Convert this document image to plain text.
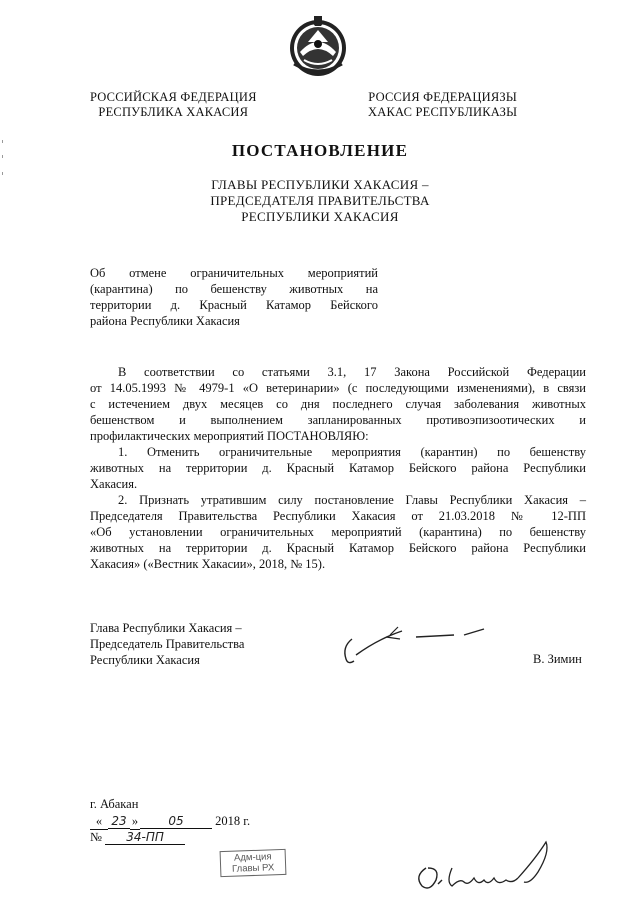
РОССИЙСКАЯ ФЕДЕРАЦИЯ
РЕСПУБЛИКА ХАКАСИЯ
РОССИЯ ФЕДЕРАЦИЯЗЫ
ХАКАС РЕСПУБЛИКАЗЫ
ПОСТАНОВЛЕНИЕ
ГЛАВЫ РЕСПУБЛИКИ ХАКАСИЯ –
ПРЕДСЕДАТЕЛЯ ПРАВИТЕЛЬСТВА
РЕСПУБЛИКИ ХАКАСИЯ
Об отмене ограничительных мероприятий
(карантина) по бешенству животных на
территории д. Красный Катамор Бейского
района Республики Хакасия
В соответствии со статьями 3.1, 17 Закона Российской Федерации
от 14.05.1993 № 4979-1 «О ветеринарии» (с последующими изменениями), в связи
с истечением двух месяцев со дня последнего случая заболевания животных
бешенством и выполнением запланированных противоэпизоотических и
профилактических мероприятий ПОСТАНОВЛЯЮ:
1. Отменить ограничительные мероприятия (карантин) по бешенству
животных на территории д. Красный Катамор Бейского района Республики
Хакасия.
2. Признать утратившим силу постановление Главы Республики Хакасия –
Председателя Правительства Республики Хакасия от 21.03.2018 № 12-ПП
«Об установлении ограничительных мероприятий (карантина) по бешенству
животных на территории д. Красный Катамор Бейского района Республики
Хакасия» («Вестник Хакасии», 2018, № 15).
Глава Республики Хакасия –
Председатель Правительства
Республики Хакасия	В. Зимин
г. Абакан
« 23 »	05	2018 г.
№ 34-ПП
Адм-ция
Главы РХ
